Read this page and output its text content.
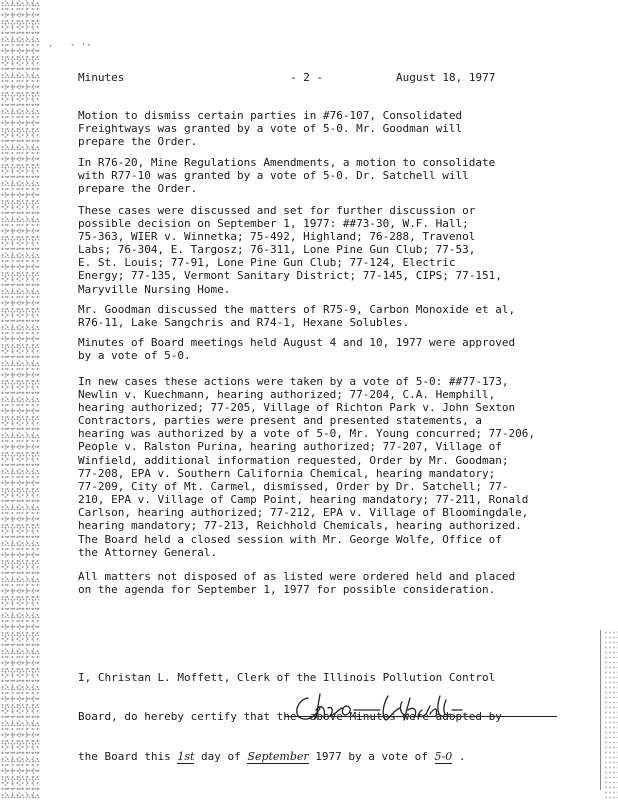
· - ·-
Minutes	- 2 -	August 18, 1977

Motion to dismiss certain parties in #76-107, Consolidated
Freightways was granted by a vote of 5-0. Mr. Goodman will
prepare the Order.

In R76-20, Mine Regulations Amendments, a motion to consolidate
with R77-10 was granted by a vote of 5-0. Dr. Satchell will
prepare the Order.

These cases were discussed and set for further discussion or
possible decision on September 1, 1977: ##73-30, W.F. Hall;
75-363, WIER v. Winnetka; 75-492, Highland; 76-288, Travenol
Labs; 76-304, E. Targosz; 76-311, Lone Pine Gun Club; 77-53,
E. St. Louis; 77-91, Lone Pine Gun Club; 77-124, Electric
Energy; 77-135, Vermont Sanitary District; 77-145, CIPS; 77-151,
Maryville Nursing Home.

Mr. Goodman discussed the matters of R75-9, Carbon Monoxide et al,
R76-11, Lake Sangchris and R74-1, Hexane Solubles.

Minutes of Board meetings held August 4 and 10, 1977 were approved
by a vote of 5-0.

In new cases these actions were taken by a vote of 5-0: ##77-173,
Newlin v. Kuechmann, hearing authorized; 77-204, C.A. Hemphill,
hearing authorized; 77-205, Village of Richton Park v. John Sexton
Contractors, parties were present and presented statements, a
hearing was authorized by a vote of 5-0, Mr. Young concurred; 77-206,
People v. Ralston Purina, hearing authorized; 77-207, Village of
Winfield, additional information requested, Order by Mr. Goodman;
77-208, EPA v. Southern California Chemical, hearing mandatory;
77-209, City of Mt. Carmel, dismissed, Order by Dr. Satchell; 77-
210, EPA v. Village of Camp Point, hearing mandatory; 77-211, Ronald
Carlson, hearing authorized; 77-212, EPA v. Village of Bloomingdale,
hearing mandatory; 77-213, Reichhold Chemicals, hearing authorized.

The Board held a closed session with Mr. George Wolfe, Office of
the Attorney General.

All matters not disposed of as listed were ordered held and placed
on the agenda for September 1, 1977 for possible consideration.

I, Christan L. Moffett, Clerk of the Illinois Pollution Control

Board, do hereby certify that the  above Minutes were adopted by

the Board this 1st day of September 1977 by a vote of 5-0 .
